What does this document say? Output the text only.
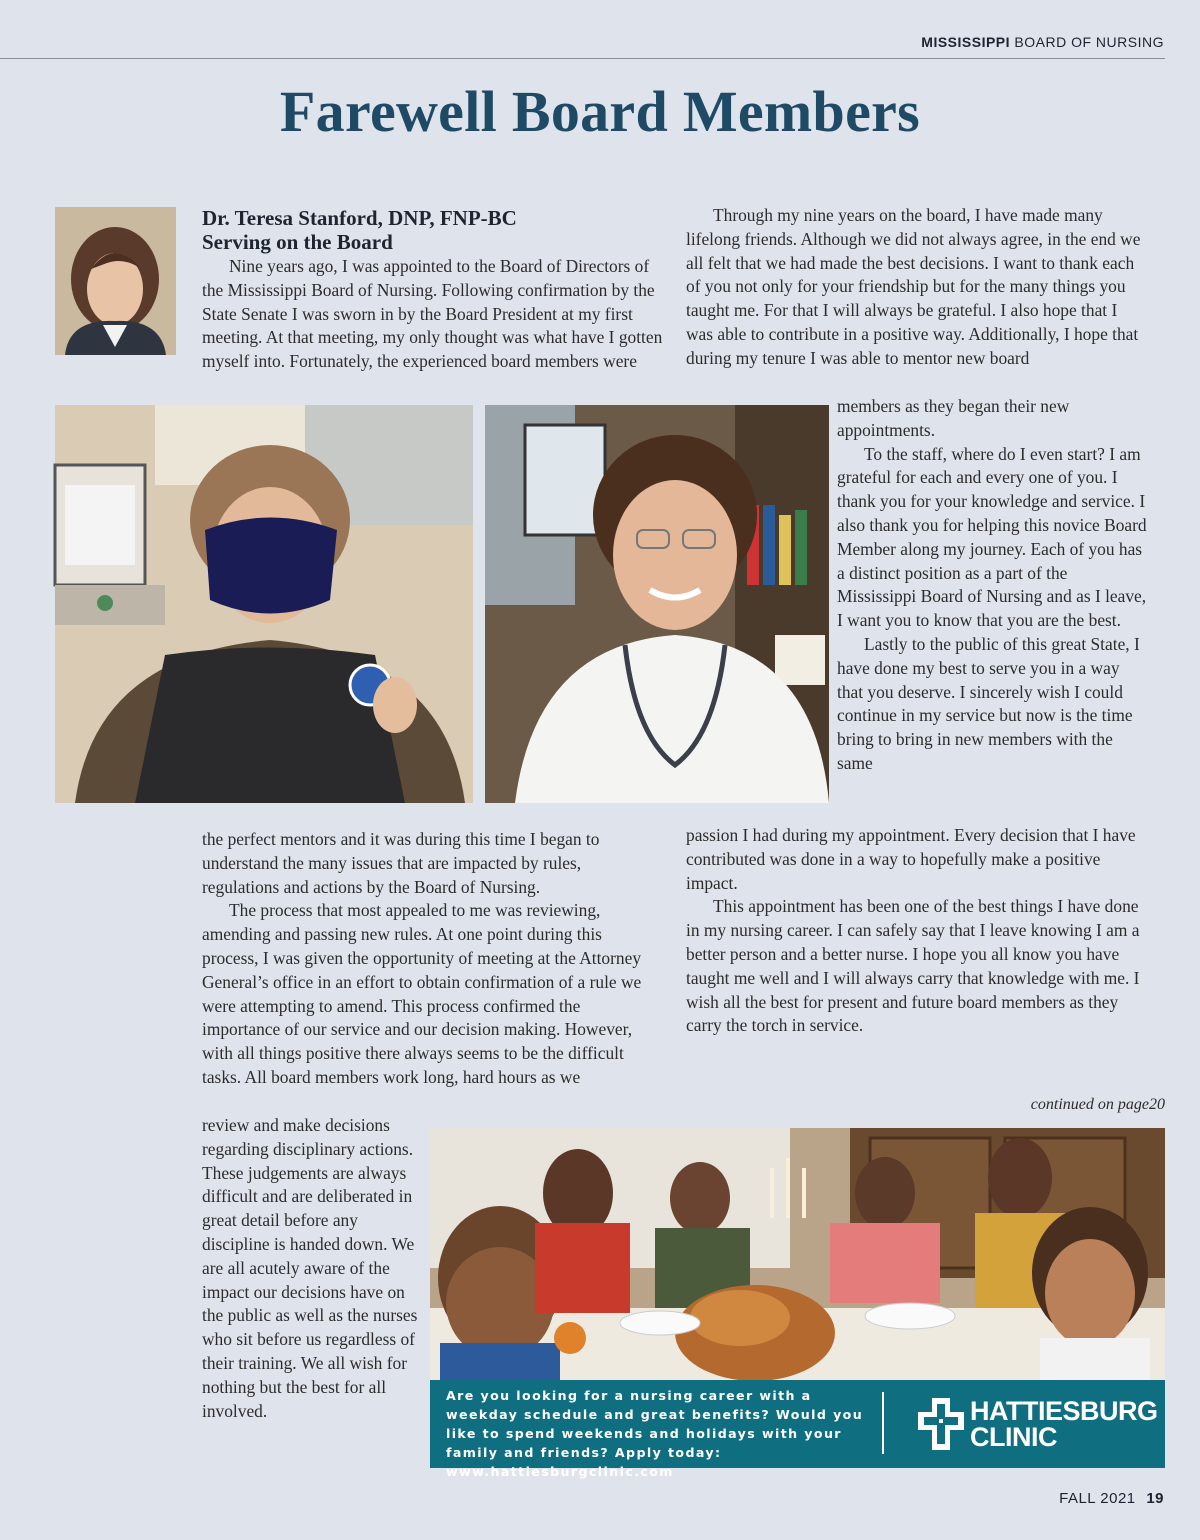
MISSISSIPPI BOARD OF NURSING
Farewell Board Members
Dr. Teresa Stanford, DNP, FNP-BC
Serving on the Board

Nine years ago, I was appointed to the Board of Directors of the Mississippi Board of Nursing. Following confirmation by the State Senate I was sworn in by the Board President at my first meeting. At that meeting, my only thought was what have I gotten myself into. Fortunately, the experienced board members were

Through my nine years on the board, I have made many lifelong friends. Although we did not always agree, in the end we all felt that we had made the best decisions. I want to thank each of you not only for your friendship but for the many things you taught me. For that I will always be grateful. I also hope that I was able to contribute in a positive way. Additionally, I hope that during my tenure I was able to mentor new board

members as they began their new appointments.

To the staff, where do I even start? I am grateful for each and every one of you. I thank you for your knowledge and service. I also thank you for helping this novice Board Member along my journey. Each of you has a distinct position as a part of the Mississippi Board of Nursing and as I leave, I want you to know that you are the best.

Lastly to the public of this great State, I have done my best to serve you in a way that you deserve. I sincerely wish I could continue in my service but now is the time bring to bring in new members with the same

the perfect mentors and it was during this time I began to understand the many issues that are impacted by rules, regulations and actions by the Board of Nursing.

The process that most appealed to me was reviewing, amending and passing new rules. At one point during this process, I was given the opportunity of meeting at the Attorney General’s office in an effort to obtain confirmation of a rule we were attempting to amend. This process confirmed the importance of our service and our decision making. However, with all things positive there always seems to be the difficult tasks. All board members work long, hard hours as we

review and make decisions regarding disciplinary actions. These judgements are always difficult and are deliberated in great detail before any discipline is handed down. We are all acutely aware of the impact our decisions have on the public as well as the nurses who sit before us regardless of their training. We all wish for nothing but the best for all involved.

passion I had during my appointment. Every decision that I have contributed was done in a way to hopefully make a positive impact.

This appointment has been one of the best things I have done in my nursing career. I can safely say that I leave knowing I am a better person and a better nurse. I hope you all know you have taught me well and I will always carry that knowledge with me. I wish all the best for present and future board members as they carry the torch in service.

continued on page20
Are you looking for a nursing career with a weekday schedule and great benefits? Would you like to spend weekends and holidays with your family and friends? Apply today: www.hattiesburgclinic.com
HATTIESBURG
CLINIC
FALL 2021 19
